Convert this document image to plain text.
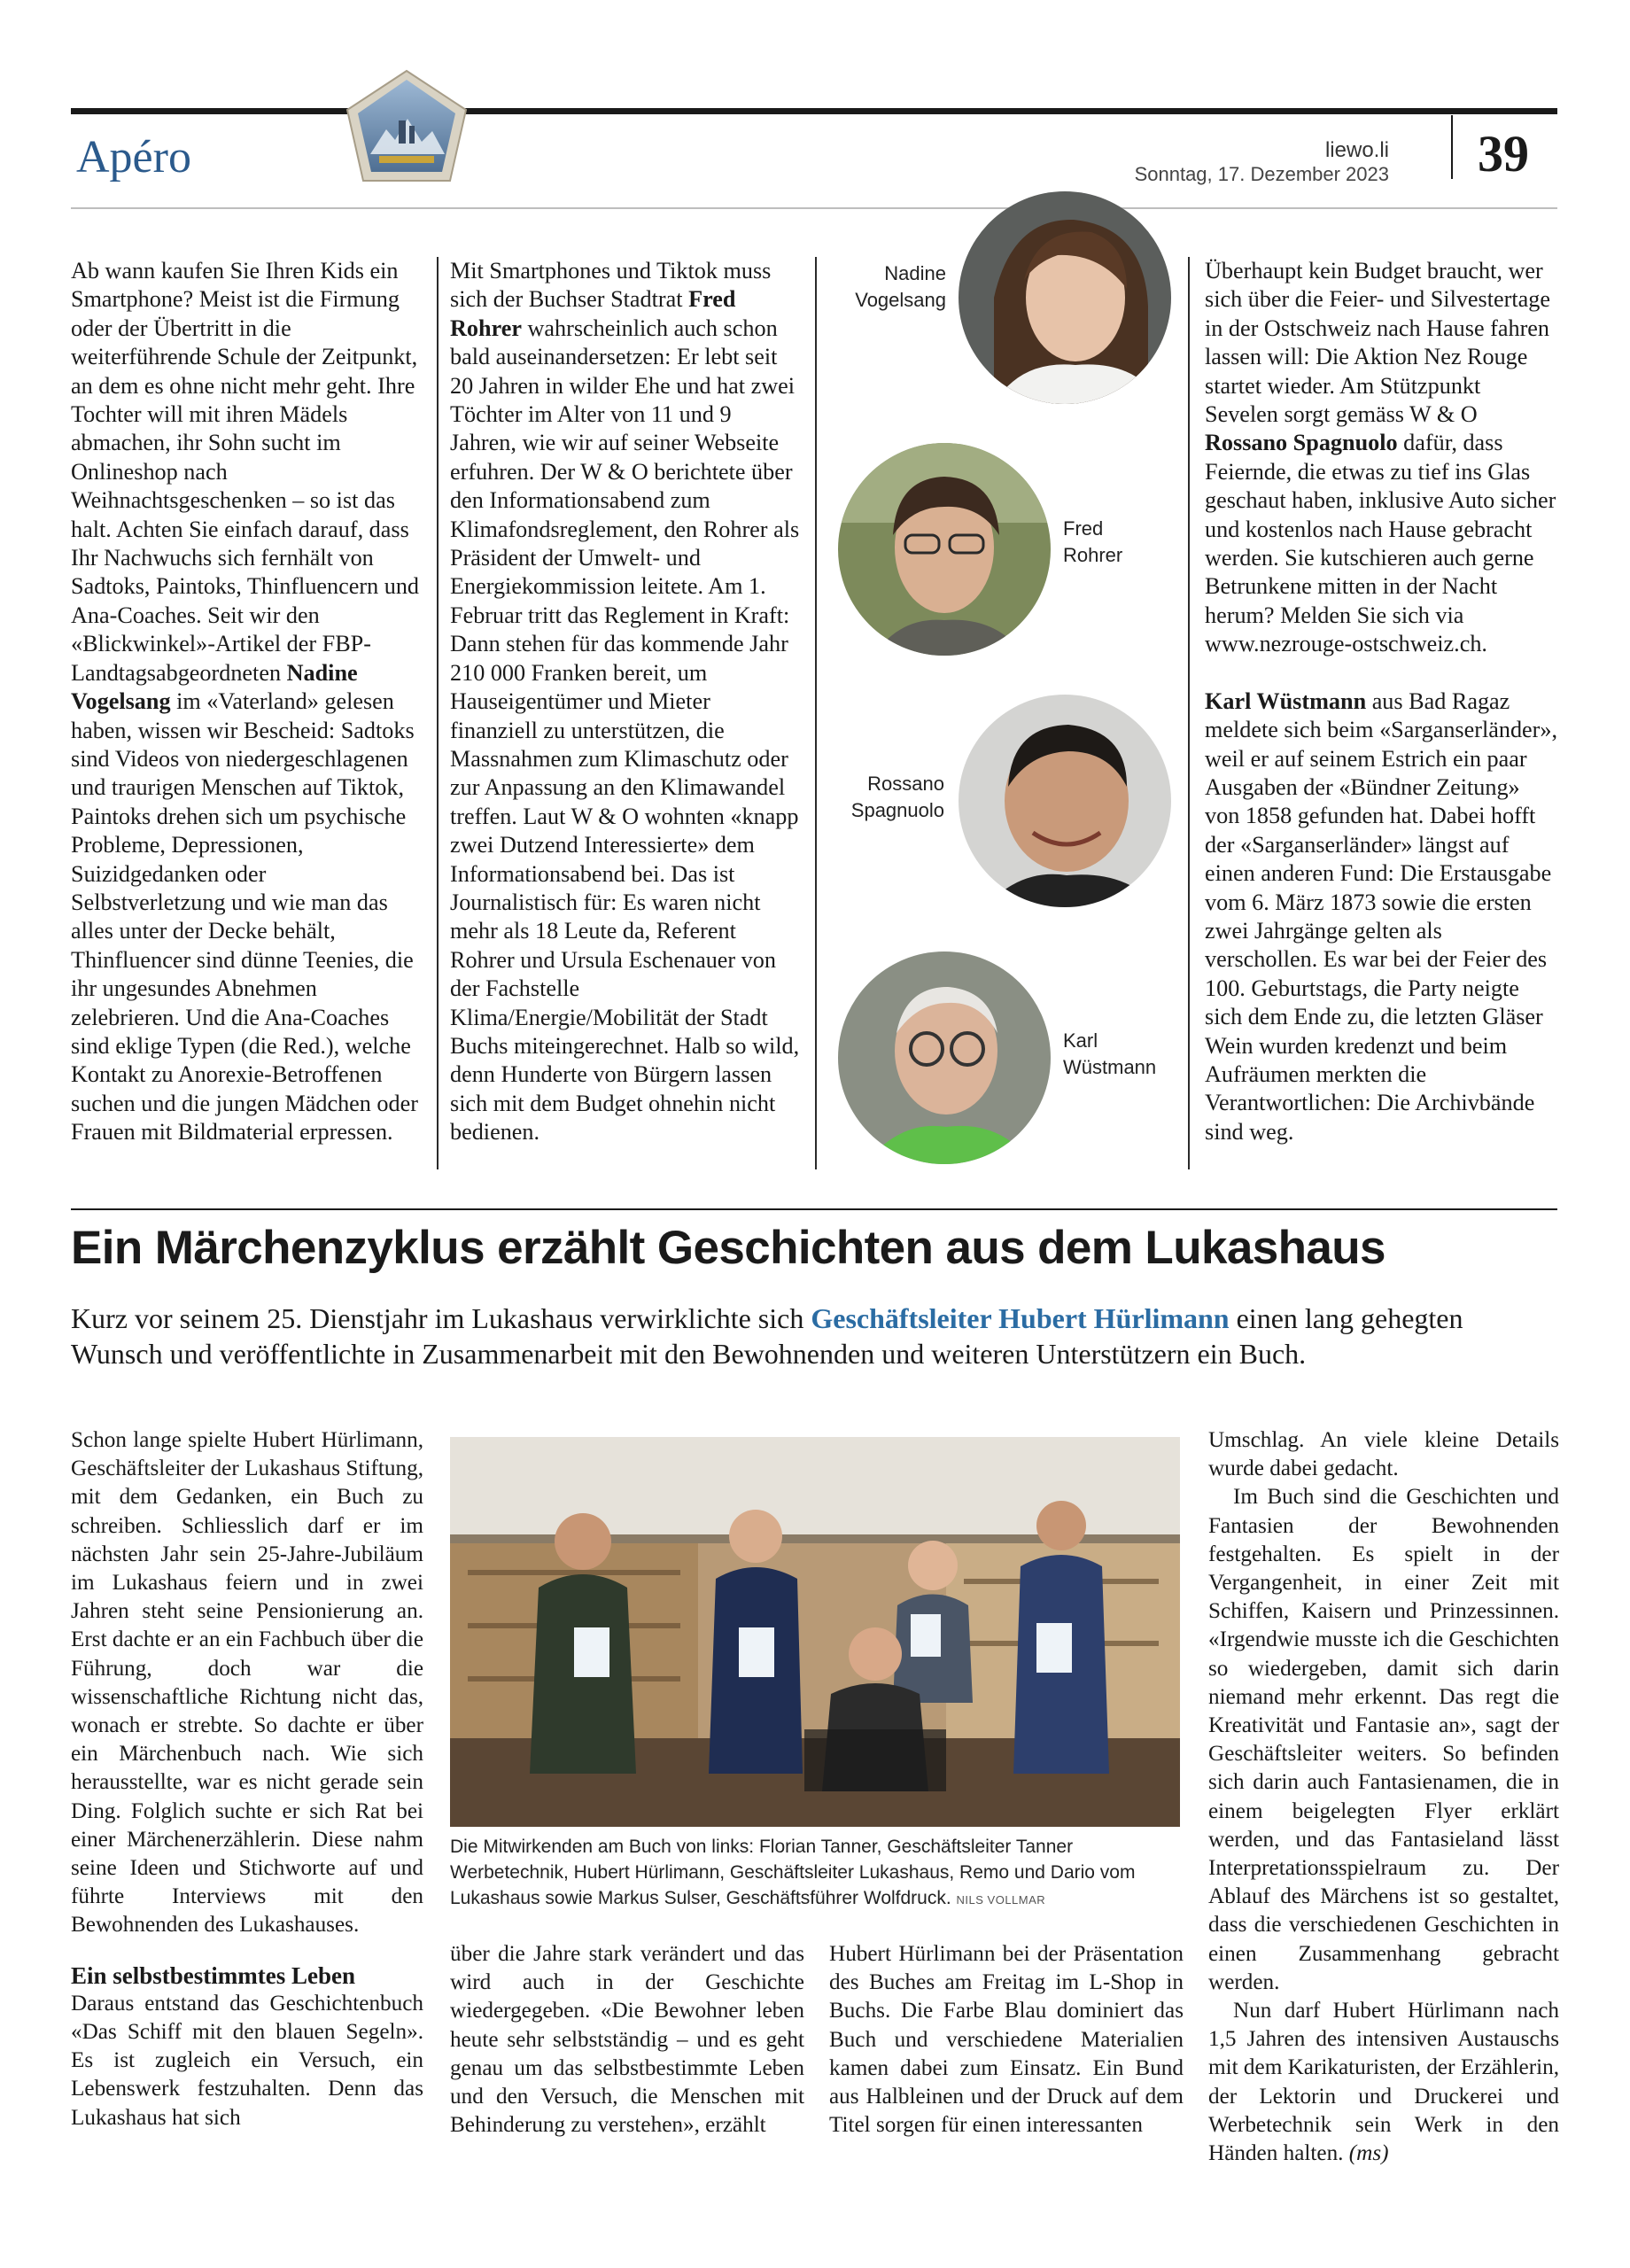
Apéro	liewo.li
Sonntag, 17. Dezember 2023 39

Ab wann kaufen Sie Ihren Kids ein Smartphone? Meist ist die Firmung oder der Übertritt in die weiterführende Schule der Zeitpunkt, an dem es ohne nicht mehr geht. Ihre Tochter will mit ihren Mädels abmachen, ihr Sohn sucht im Onlineshop nach Weihnachtsgeschenken – so ist das halt. Achten Sie einfach darauf, dass Ihr Nachwuchs sich fernhält von Sadtoks, Paintoks, Thinfluencern und Ana-Coaches. Seit wir den «Blickwinkel»-Artikel der FBP-Landtagsabgeordneten Nadine Vogelsang im «Vaterland» gelesen haben, wissen wir Bescheid: Sadtoks sind Videos von niedergeschlagenen und traurigen Menschen auf Tiktok, Paintoks drehen sich um psychische Probleme, Depressionen, Suizidgedanken oder Selbstverletzung und wie man das alles unter der Decke behält, Thinfluencer sind dünne Teenies, die ihr ungesundes Abnehmen zelebrieren. Und die Ana-Coaches sind eklige Typen (die Red.), welche Kontakt zu Anorexie-Betroffenen suchen und die jungen Mädchen oder Frauen mit Bildmaterial erpressen.

Mit Smartphones und Tiktok muss sich der Buchser Stadtrat Fred Rohrer wahrscheinlich auch schon bald auseinandersetzen: Er lebt seit 20 Jahren in wilder Ehe und hat zwei Töchter im Alter von 11 und 9 Jahren, wie wir auf seiner Webseite erfuhren. Der W & O berichtete über den Informationsabend zum Klimafondsreglement, den Rohrer als Präsident der Umwelt- und Energiekommission leitete. Am 1. Februar tritt das Reglement in Kraft: Dann stehen für das kommende Jahr 210 000 Franken bereit, um Hauseigentümer und Mieter finanziell zu unterstützen, die Massnahmen zum Klimaschutz oder zur Anpassung an den Klimawandel treffen. Laut W & O wohnten «knapp zwei Dutzend Interessierte» dem Informationsabend bei. Das ist Journalistisch für: Es waren nicht mehr als 18 Leute da, Referent Rohrer und Ursula Eschenauer von der Fachstelle Klima/Energie/Mobilität der Stadt Buchs miteingerechnet. Halb so wild, denn Hunderte von Bürgern lassen sich mit dem Budget ohnehin nicht bedienen.

Nadine
Vogelsang
Fred
Rohrer
Rossano
Spagnuolo
Karl
Wüstmann

Überhaupt kein Budget braucht, wer sich über die Feier- und Silvestertage in der Ostschweiz nach Hause fahren lassen will: Die Aktion Nez Rouge startet wieder. Am Stützpunkt Sevelen sorgt gemäss W & O Rossano Spagnuolo dafür, dass Feiernde, die etwas zu tief ins Glas geschaut haben, inklusive Auto sicher und kostenlos nach Hause gebracht werden. Sie kutschieren auch gerne Betrunkene mitten in der Nacht herum? Melden Sie sich via www.nezrouge-ostschweiz.ch.

Karl Wüstmann aus Bad Ragaz meldete sich beim «Sarganserländer», weil er auf seinem Estrich ein paar Ausgaben der «Bündner Zeitung» von 1858 gefunden hat. Dabei hofft der «Sarganserländer» längst auf einen anderen Fund: Die Erstausgabe vom 6. März 1873 sowie die ersten zwei Jahrgänge gelten als verschollen. Es war bei der Feier des 100. Geburtstags, die Party neigte sich dem Ende zu, die letzten Gläser Wein wurden kredenzt und beim Aufräumen merkten die Verantwortlichen: Die Archivbände sind weg.

Ein Märchenzyklus erzählt Geschichten aus dem Lukashaus
Kurz vor seinem 25. Dienstjahr im Lukashaus verwirklichte sich Geschäftsleiter Hubert Hürlimann einen lang gehegten Wunsch und veröffentlichte in Zusammenarbeit mit den Bewohnenden und weiteren Unterstützern ein Buch.

Schon lange spielte Hubert Hürlimann, Geschäftsleiter der Lukashaus Stiftung, mit dem Gedanken, ein Buch zu schreiben. Schliesslich darf er im nächsten Jahr sein 25-Jahre-Jubiläum im Lukashaus feiern und in zwei Jahren steht seine Pensionierung an. Erst dachte er an ein Fachbuch über die Führung, doch war die wissenschaftliche Richtung nicht das, wonach er strebte. So dachte er über ein Märchenbuch nach. Wie sich herausstellte, war es nicht gerade sein Ding. Folglich suchte er sich Rat bei einer Märchenerzählerin. Diese nahm seine Ideen und Stichworte auf und führte Interviews mit den Bewohnenden des Lukashauses.

Ein selbstbestimmtes Leben

Daraus entstand das Geschichtenbuch «Das Schiff mit den blauen Segeln». Es ist zugleich ein Versuch, ein Lebenswerk festzuhalten. Denn das Lukashaus hat sich

Die Mitwirkenden am Buch von links: Florian Tanner, Geschäftsleiter Tanner Werbetechnik, Hubert Hürlimann, Geschäftsleiter Lukashaus, Remo und Dario vom Lukashaus sowie Markus Sulser, Geschäftsführer Wolfdruck. NILS VOLLMAR

über die Jahre stark verändert und das wird auch in der Geschichte wiedergegeben. «Die Bewohner leben heute sehr selbstständig – und es geht genau um das selbstbestimmte Leben und den Versuch, die Menschen mit Behinderung zu verstehen», erzählt

Hubert Hürlimann bei der Präsentation des Buches am Freitag im L-Shop in Buchs. Die Farbe Blau dominiert das Buch und verschiedene Materialien kamen dabei zum Einsatz. Ein Bund aus Halbleinen und der Druck auf dem Titel sorgen für einen interessanten

Umschlag. An viele kleine Details wurde dabei gedacht.

Im Buch sind die Geschichten und Fantasien der Bewohnenden festgehalten. Es spielt in der Vergangenheit, in einer Zeit mit Schiffen, Kaisern und Prinzessinnen. «Irgendwie musste ich die Geschichten so wiedergeben, damit sich darin niemand mehr erkennt. Das regt die Kreativität und Fantasie an», sagt der Geschäftsleiter weiters. So befinden sich darin auch Fantasienamen, die in einem beigelegten Flyer erklärt werden, und das Fantasieland lässt Interpretationsspielraum zu. Der Ablauf des Märchens ist so gestaltet, dass die verschiedenen Geschichten in einen Zusammenhang gebracht werden.

Nun darf Hubert Hürlimann nach 1,5 Jahren des intensiven Austauschs mit dem Karikaturisten, der Erzählerin, der Lektorin und Druckerei und Werbetechnik sein Werk in den Händen halten. (ms)
